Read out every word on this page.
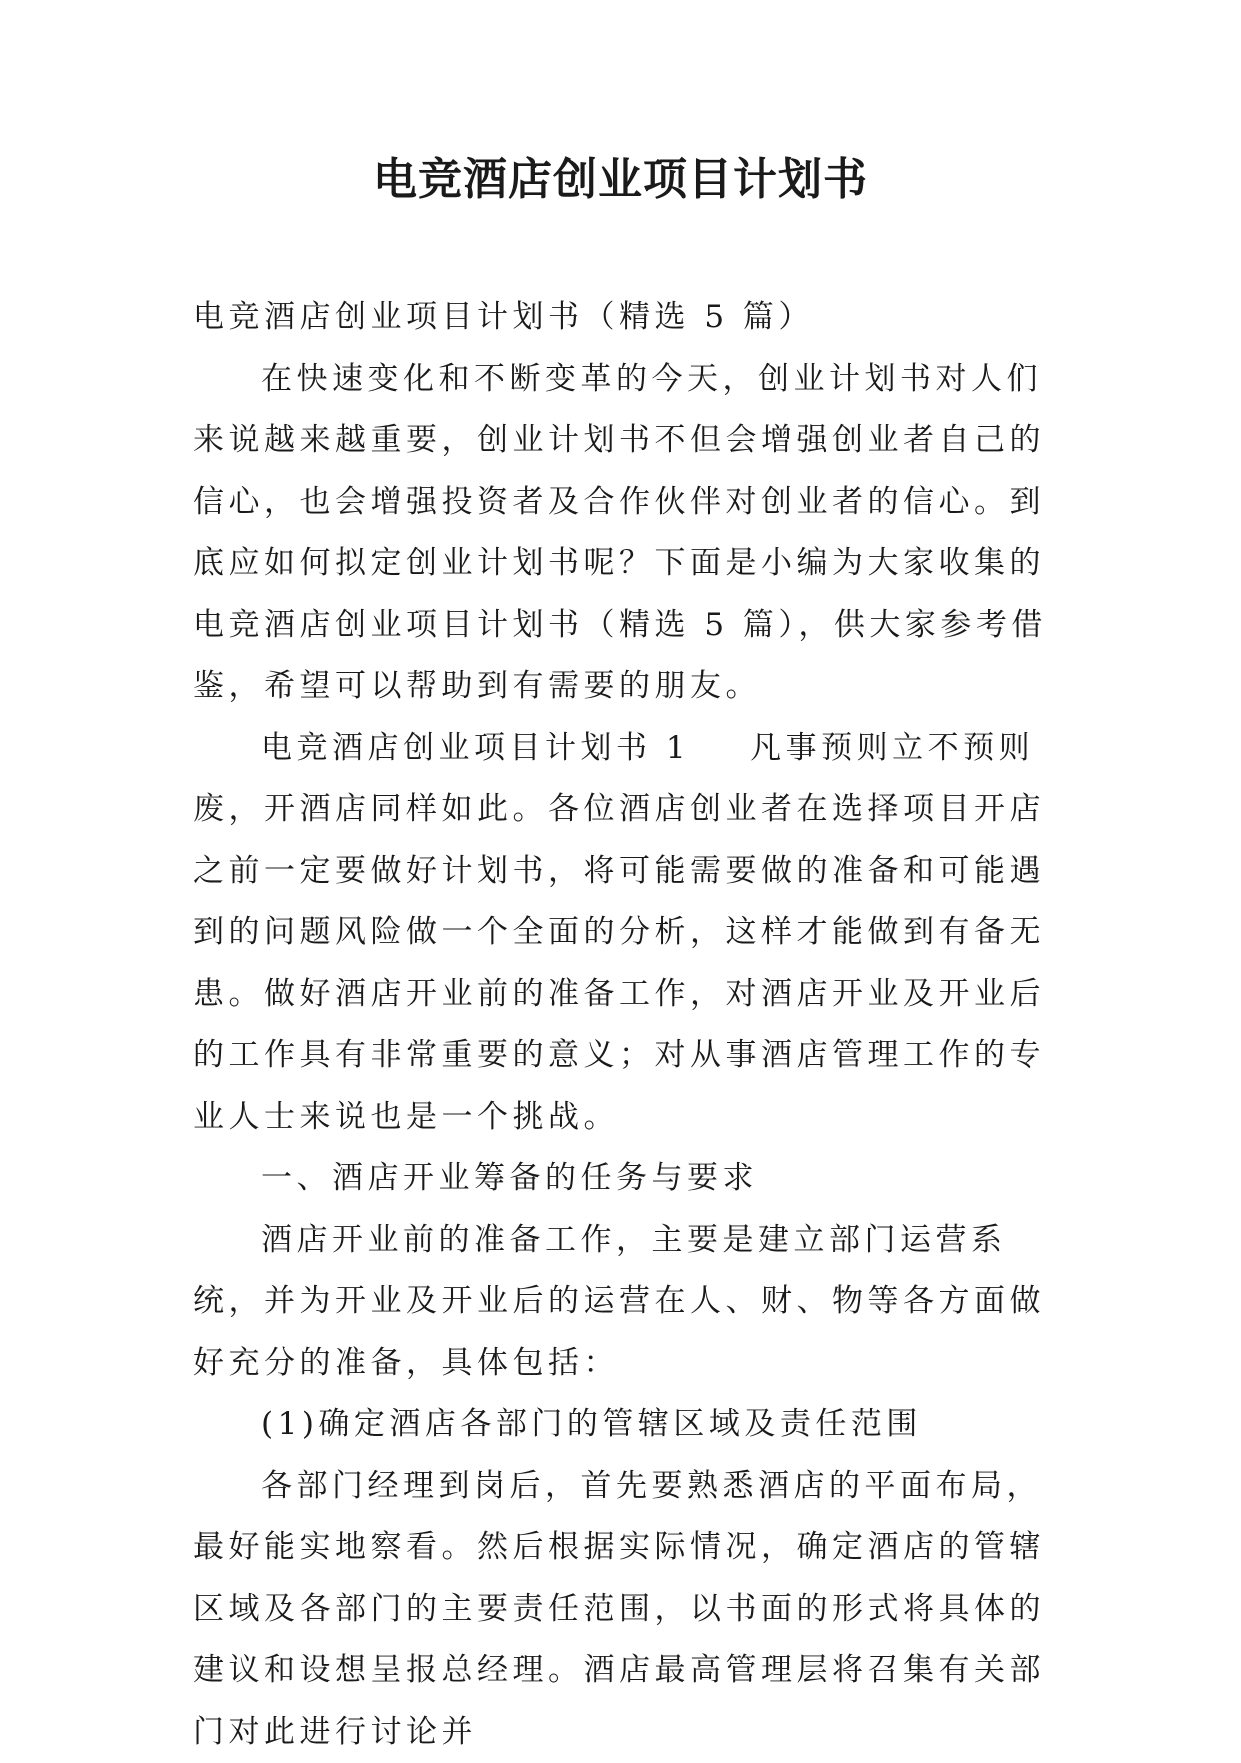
电竞酒店创业项目计划书

电竞酒店创业项目计划书（精选 5 篇）

在快速变化和不断变革的今天，创业计划书对人们来说越来越重要，创业计划书不但会增强创业者自己的信心，也会增强投资者及合作伙伴对创业者的信心。到底应如何拟定创业计划书呢？下面是小编为大家收集的电竞酒店创业项目计划书（精选 5 篇），供大家参考借鉴，希望可以帮助到有需要的朋友。

电竞酒店创业项目计划书 1 凡事预则立不预则废，开酒店同样如此。各位酒店创业者在选择项目开店之前一定要做好计划书，将可能需要做的准备和可能遇到的问题风险做一个全面的分析，这样才能做到有备无患。做好酒店开业前的准备工作，对酒店开业及开业后的工作具有非常重要的意义；对从事酒店管理工作的专业人士来说也是一个挑战。

一、酒店开业筹备的任务与要求

酒店开业前的准备工作，主要是建立部门运营系统，并为开业及开业后的运营在人、财、物等各方面做好充分的准备，具体包括：

(1)确定酒店各部门的管辖区域及责任范围

各部门经理到岗后，首先要熟悉酒店的平面布局，最好能实地察看。然后根据实际情况，确定酒店的管辖区域及各部门的主要责任范围，以书面的形式将具体的建议和设想呈报总经理。酒店最高管理层将召集有关部门对此进行讨论并
